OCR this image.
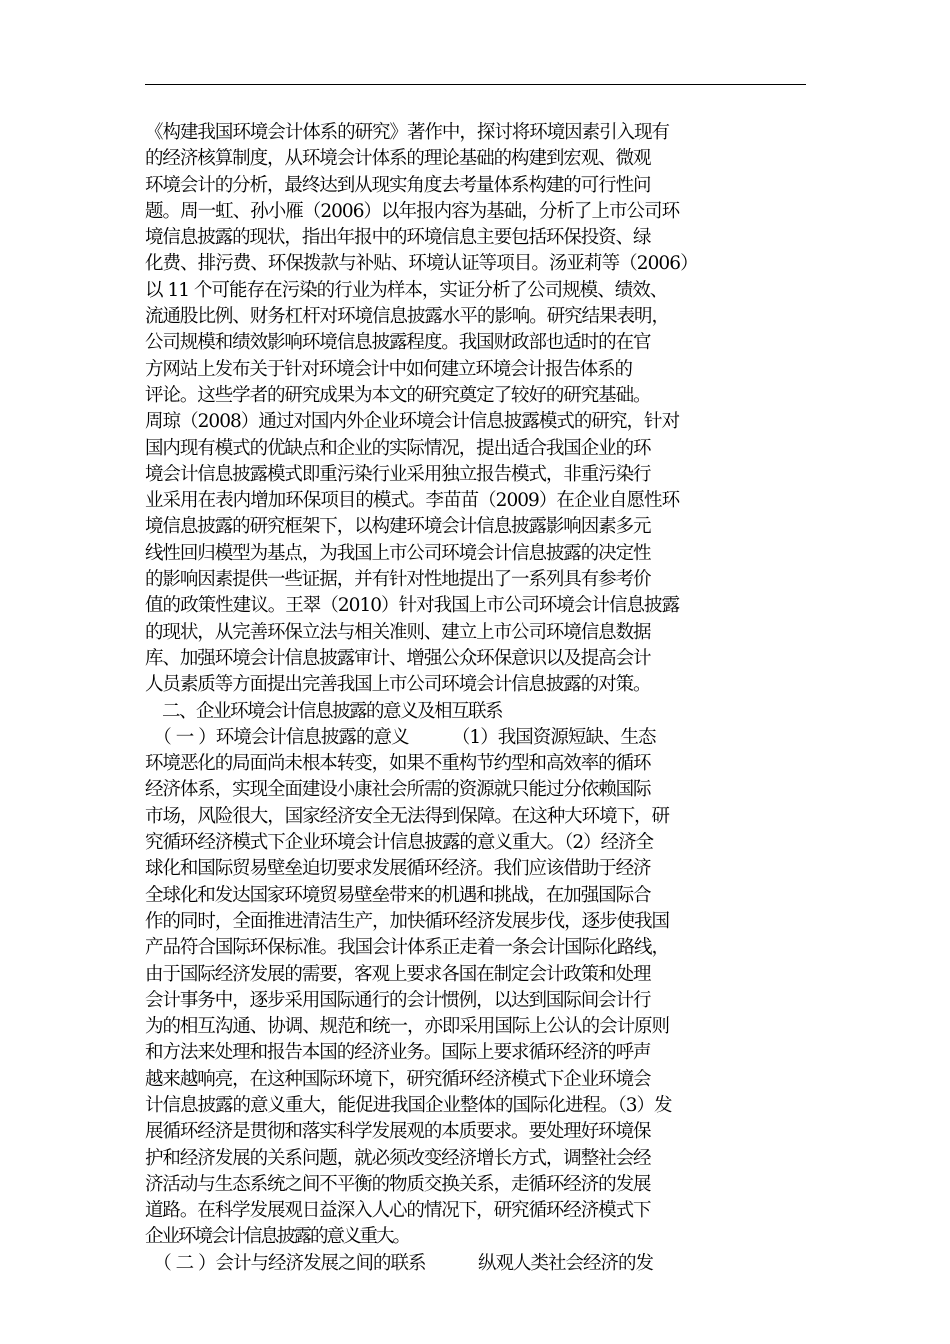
《构建我国环境会计体系的研究》著作中，探讨将环境因素引入现有
的经济核算制度，从环境会计体系的理论基础的构建到宏观、微观
环境会计的分析，最终达到从现实角度去考量体系构建的可行性问
题。周一虹、孙小雁（2006）以年报内容为基础，分析了上市公司环
境信息披露的现状，指出年报中的环境信息主要包括环保投资、绿
化费、排污费、环保拨款与补贴、环境认证等项目。汤亚莉等（2006）
以 11 个可能存在污染的行业为样本，实证分析了公司规模、绩效、
流通股比例、财务杠杆对环境信息披露水平的影响。研究结果表明，
公司规模和绩效影响环境信息披露程度。我国财政部也适时的在官
方网站上发布关于针对环境会计中如何建立环境会计报告体系的
评论。这些学者的研究成果为本文的研究奠定了较好的研究基础。
周琼（2008）通过对国内外企业环境会计信息披露模式的研究，针对
国内现有模式的优缺点和企业的实际情况，提出适合我国企业的环
境会计信息披露模式即重污染行业采用独立报告模式，非重污染行
业采用在表内增加环保项目的模式。李苗苗（2009）在企业自愿性环
境信息披露的研究框架下，以构建环境会计信息披露影响因素多元
线性回归模型为基点，为我国上市公司环境会计信息披露的决定性
的影响因素提供一些证据，并有针对性地提出了一系列具有参考价
值的政策性建议。王翠（2010）针对我国上市公司环境会计信息披露
的现状，从完善环保立法与相关准则、建立上市公司环境信息数据
库、加强环境会计信息披露审计、增强公众环保意识以及提高会计
人员素质等方面提出完善我国上市公司环境会计信息披露的对策。
　二、企业环境会计信息披露的意义及相互联系
　（ 一 ）环境会计信息披露的意义　　　（1）我国资源短缺、生态
环境恶化的局面尚未根本转变，如果不重构节约型和高效率的循环
经济体系，实现全面建设小康社会所需的资源就只能过分依赖国际
市场，风险很大，国家经济安全无法得到保障。在这种大环境下，研
究循环经济模式下企业环境会计信息披露的意义重大。（2）经济全
球化和国际贸易壁垒迫切要求发展循环经济。我们应该借助于经济
全球化和发达国家环境贸易壁垒带来的机遇和挑战，在加强国际合
作的同时，全面推进清洁生产，加快循环经济发展步伐，逐步使我国
产品符合国际环保标准。我国会计体系正走着一条会计国际化路线，
由于国际经济发展的需要，客观上要求各国在制定会计政策和处理
会计事务中，逐步采用国际通行的会计惯例，以达到国际间会计行
为的相互沟通、协调、规范和统一，亦即采用国际上公认的会计原则
和方法来处理和报告本国的经济业务。国际上要求循环经济的呼声
越来越响亮，在这种国际环境下，研究循环经济模式下企业环境会
计信息披露的意义重大，能促进我国企业整体的国际化进程。（3）发
展循环经济是贯彻和落实科学发展观的本质要求。要处理好环境保
护和经济发展的关系问题，就必须改变经济增长方式，调整社会经
济活动与生态系统之间不平衡的物质交换关系，走循环经济的发展
道路。在科学发展观日益深入人心的情况下，研究循环经济模式下
企业环境会计信息披露的意义重大。
　（ 二 ）会计与经济发展之间的联系　　　纵观人类社会经济的发
